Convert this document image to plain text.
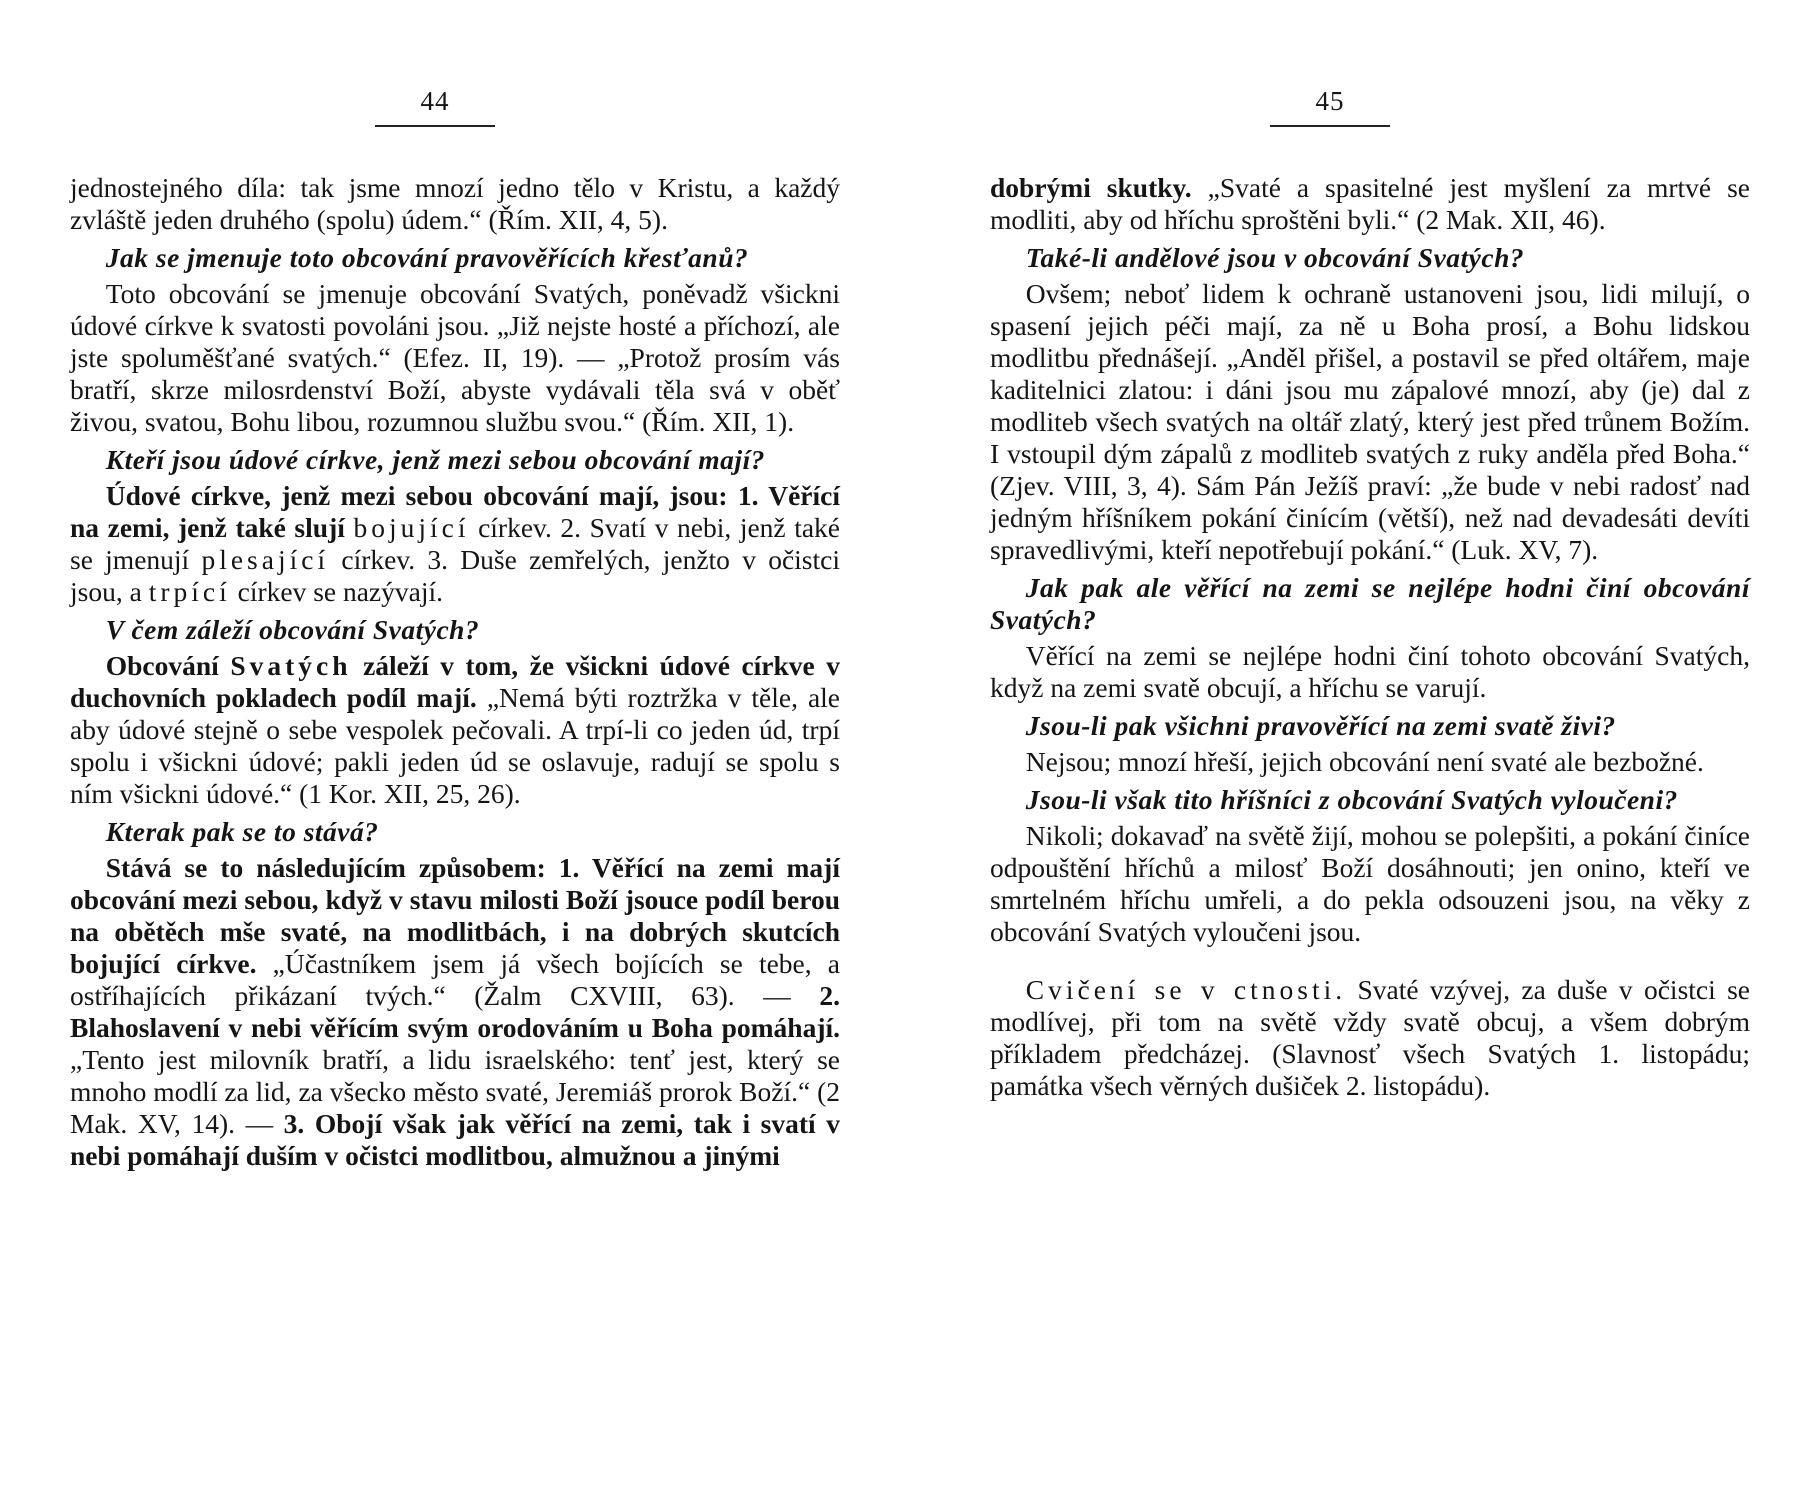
44

jednostejného díla: tak jsme mnozí jedno tělo v Kristu, a každý zvláště jeden druhého (spolu) údem.“ (Řím. XII, 4, 5).

Jak se jmenuje toto obcování pravověřících křesťanů?

Toto obcování se jmenuje obcování Svatých, poněvadž všickni údové církve k svatosti povoláni jsou. „Již nejste hosté a příchozí, ale jste spoluměšťané svatých.“ (Efez. II, 19). — „Protož prosím vás bratří, skrze milosrdenství Boží, abyste vydávali těla svá v oběť živou, svatou, Bohu libou, rozumnou službu svou.“ (Řím. XII, 1).

Kteří jsou údové církve, jenž mezi sebou obcování mají?

Údové církve, jenž mezi sebou obcování mají, jsou: 1. Věřící na zemi, jenž také slují bojující církev. 2. Svatí v nebi, jenž také se jmenují plesající církev. 3. Duše zemřelých, jenžto v očistci jsou, a trpící církev se nazývají.

V čem záleží obcování Svatých?

Obcování Svatých záleží v tom, že všickni údové církve v duchovních pokladech podíl mají. „Nemá býti roztržka v těle, ale aby údové stejně o sebe vespolek pečovali. A trpí-li co jeden úd, trpí spolu i všickni údové; pakli jeden úd se oslavuje, radují se spolu s ním všickni údové.“ (1 Kor. XII, 25, 26).

Kterak pak se to stává?

Stává se to následujícím způsobem: 1. Věřící na zemi mají obcování mezi sebou, když v stavu milosti Boží jsouce podíl berou na obětěch mše svaté, na modlitbách, i na dobrých skutcích bojující církve. „Účastníkem jsem já všech bojících se tebe, a ostříhajících přikázaní tvých.“ (Žalm CXVIII, 63). — 2. Blahoslavení v nebi věřícím svým orodováním u Boha pomáhají. „Tento jest milovník bratří, a lidu israelského: tenť jest, který se mnoho modlí za lid, za všecko město svaté, Jeremiáš prorok Boží.“ (2 Mak. XV, 14). — 3. Obojí však jak věřící na zemi, tak i svatí v nebi pomáhají duším v očistci modlitbou, almužnou a jinými

45

dobrými skutky. „Svaté a spasitelné jest myšlení za mrtvé se modliti, aby od hříchu sproštěni byli.“ (2 Mak. XII, 46).

Také-li andělové jsou v obcování Svatých?

Ovšem; neboť lidem k ochraně ustanoveni jsou, lidi milují, o spasení jejich péči mají, za ně u Boha prosí, a Bohu lidskou modlitbu přednášejí. „Anděl přišel, a postavil se před oltářem, maje kaditelnici zlatou: i dáni jsou mu zápalové mnozí, aby (je) dal z modliteb všech svatých na oltář zlatý, který jest před trůnem Božím. I vstoupil dým zápalů z modliteb svatých z ruky anděla před Boha.“ (Zjev. VIII, 3, 4). Sám Pán Ježíš praví: „že bude v nebi radosť nad jedným hříšníkem pokání činícím (větší), než nad devadesáti devíti spravedlivými, kteří nepotřebují pokání.“ (Luk. XV, 7).

Jak pak ale věřící na zemi se nejlépe hodni činí obcování Svatých?

Věřící na zemi se nejlépe hodni činí tohoto obcování Svatých, když na zemi svatě obcují, a hříchu se varují.

Jsou-li pak všichni pravověřící na zemi svatě živi?

Nejsou; mnozí hřeší, jejich obcování není svaté ale bezbožné.

Jsou-li však tito hříšníci z obcování Svatých vyloučeni?

Nikoli; dokavaď na světě žijí, mohou se polepšiti, a pokání činíce odpouštění hříchů a milosť Boží dosáhnouti; jen onino, kteří ve smrtelném hříchu umřeli, a do pekla odsouzeni jsou, na věky z obcování Svatých vyloučeni jsou.

Cvičení se v ctnosti. Svaté vzývej, za duše v očistci se modlívej, při tom na světě vždy svatě obcuj, a všem dobrým příkladem předcházej. (Slavnosť všech Svatých 1. listopádu; památka všech věrných dušiček 2. listopádu).
